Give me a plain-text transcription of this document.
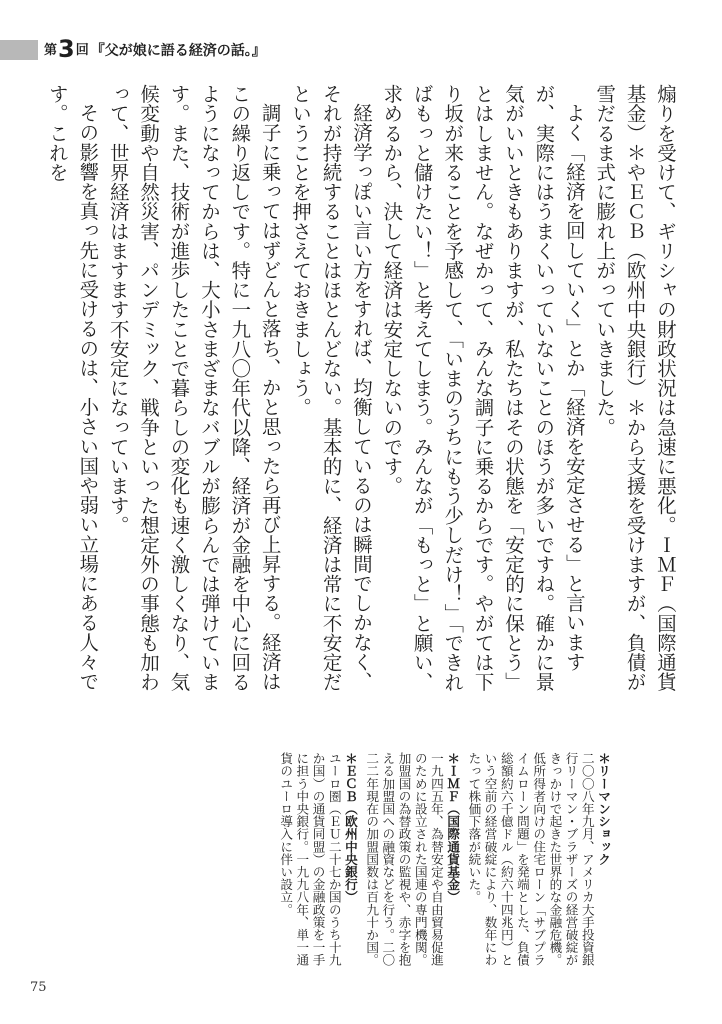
第 3 回 『父が娘に語る経済の話。』

煽りを受けて、ギリシャの財政状況は急速に悪化。ＩＭＦ（国際通貨基金）＊やＥＣＢ（欧州中央銀行）＊から支援を受けますが、負債が雪だるま式に膨れ上がっていきました。

よく「経済を回していく」とか「経済を安定させる」と言いますが、実際にはうまくいっていないことのほうが多いですね。確かに景気がいいときもありますが、私たちはその状態を「安定的に保とう」とはしません。なぜかって、みんな調子に乗るからです。やがては下り坂が来ることを予感して、「いまのうちにもう少しだけ！」「できればもっと儲けたい！」と考えてしまう。みんなが「もっと」と願い、求めるから、決して経済は安定しないのです。

経済学っぽい言い方をすれば、均衡しているのは瞬間でしかなく、それが持続することはほとんどない。基本的に、経済は常に不安定だということを押さえておきましょう。

調子に乗ってはずどんと落ち、かと思ったら再び上昇する。経済はこの繰り返しです。特に一九八〇年代以降、経済が金融を中心に回るようになってからは、大小さまざまなバブルが膨らんでは弾けています。また、技術が進歩したことで暮らしの変化も速く激しくなり、気候変動や自然災害、パンデミック、戦争といった想定外の事態も加わって、世界経済はますます不安定になっています。

その影響を真っ先に受けるのは、小さい国や弱い立場にある人々です。これを

＊リーマンショック
二〇〇八年九月、アメリカ大手投資銀行リーマン・ブラザーズの経営破綻がきっかけで起きた世界的な金融危機。低所得者向けの住宅ローン「サブプライムローン問題」を発端とした、負債総額約六千億ドル（約六十四兆円）という空前の経営破綻により、数年にわたって株価下落が続いた。
＊ＩＭＦ（国際通貨基金）
一九四五年、為替安定や自由貿易促進のために設立された国連の専門機関。加盟国の為替政策の監視や、赤字を抱える加盟国への融資などを行う。二〇二二年現在の加盟国数は百九十か国。
＊ＥＣＢ（欧州中央銀行）
ユーロ圏（ＥＵ二十七か国のうち十九か国）の通貨同盟）の金融政策を一手に担う中央銀行。一九九八年、単一通貨のユーロ導入に伴い設立。
75
